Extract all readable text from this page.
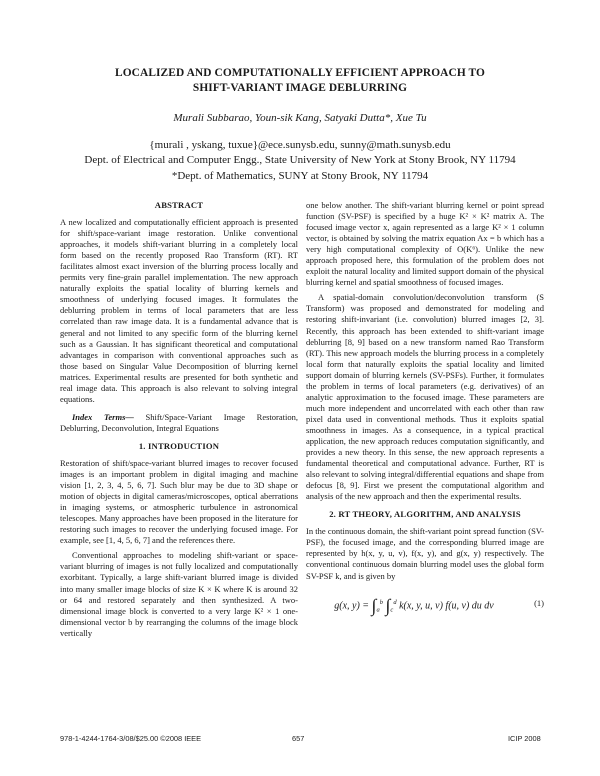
LOCALIZED AND COMPUTATIONALLY EFFICIENT APPROACH TO
SHIFT-VARIANT IMAGE DEBLURRING
Murali Subbarao, Youn-sik Kang, Satyaki Dutta*, Xue Tu
{murali , yskang, tuxue}@ece.sunysb.edu, sunny@math.sunysb.edu
Dept. of Electrical and Computer Engg., State University of New York at Stony Brook, NY 11794
*Dept. of Mathematics, SUNY at Stony Brook, NY 11794
ABSTRACT

A new localized and computationally efficient approach is presented for shift/space-variant image restoration. Unlike conventional approaches, it models shift-variant blurring in a completely local form based on the recently proposed Rao Transform (RT). RT facilitates almost exact inversion of the blurring process locally and permits very fine-grain parallel implementation. The new approach naturally exploits the spatial locality of blurring kernels and smoothness of underlying focused images. It formulates the deblurring problem in terms of local parameters that are less correlated than raw image data. It is a fundamental advance that is general and not limited to any specific form of the blurring kernel such as a Gaussian. It has significant theoretical and computational advantages in comparison with conventional approaches such as those based on Singular Value Decomposition of blurring kernel matrices. Experimental results are presented for both synthetic and real image data. This approach is also relevant to solving integral equations.

Index Terms— Shift/Space-Variant Image Restoration, Deblurring, Deconvolution, Integral Equations

1. INTRODUCTION

Restoration of shift/space-variant blurred images to recover focused images is an important problem in digital imaging and machine vision [1, 2, 3, 4, 5, 6, 7]. Such blur may be due to 3D shape or motion of objects in digital cameras/microscopes, optical aberrations in imaging systems, or atmospheric turbulence in astronomical telescopes. Many approaches have been proposed in the literature for restoring such images to recover the underlying focused image. For example, see [1, 4, 5, 6, 7] and the references there.

Conventional approaches to modeling shift-variant or space-variant blurring of images is not fully localized and computationally exorbitant. Typically, a large shift-variant blurred image is divided into many smaller image blocks of size K × K where K is around 32 or 64 and restored separately and then synthesized. A two-dimensional image block is converted to a very large K² × 1 one-dimensional vector b by rearranging the columns of the image block vertically

one below another. The shift-variant blurring kernel or point spread function (SV-PSF) is specified by a huge K² × K² matrix A. The focused image vector x, again represented as a large K² × 1 column vector, is obtained by solving the matrix equation Ax = b which has a very high computational complexity of O(K⁶). Unlike the new approach proposed here, this formulation of the problem does not exploit the natural locality and limited support domain of the physical blurring kernel and spatial smoothness of focused images.

A spatial-domain convolution/deconvolution transform (S Transform) was proposed and demonstrated for modeling and restoring shift-invariant (i.e. convolution) blurred images [2, 3]. Recently, this approach has been extended to shift-variant image deblurring [8, 9] based on a new transform named Rao Transform (RT). This new approach models the blurring process in a completely local form that naturally exploits the spatial locality and limited support domain of blurring kernels (SV-PSFs). Further, it formulates the problem in terms of local parameters (e.g. derivatives) of an analytic approximation to the focused image. These parameters are much more independent and uncorrelated with each other than raw pixel data used in conventional methods. Thus it exploits spatial smoothness in images. As a consequence, in a typical practical application, the new approach reduces computation significantly, and provides a new theory. In this sense, the new approach represents a fundamental theoretical and computational advance. Further, RT is also relevant to solving integral/differential equations and shape from defocus [8, 9]. First we present the computational algorithm and analysis of the new approach and then the experimental results.

2. RT THEORY, ALGORITHM, AND ANALYSIS

In the continuous domain, the shift-variant point spread function (SV-PSF), the focused image, and the corresponding blurred image are represented by h(x, y, u, v), f(x, y), and g(x, y) respectively. The conventional continuous domain blurring model uses the global form SV-PSF k, and is given by

g(x, $y) = \int_a^b$ $\int_c^d$ k(x, y, u, v) f(u, v) du dv	(1)
978-1-4244-1764-3/08/$25.00 ©2008 IEEE	657	ICIP 2008
